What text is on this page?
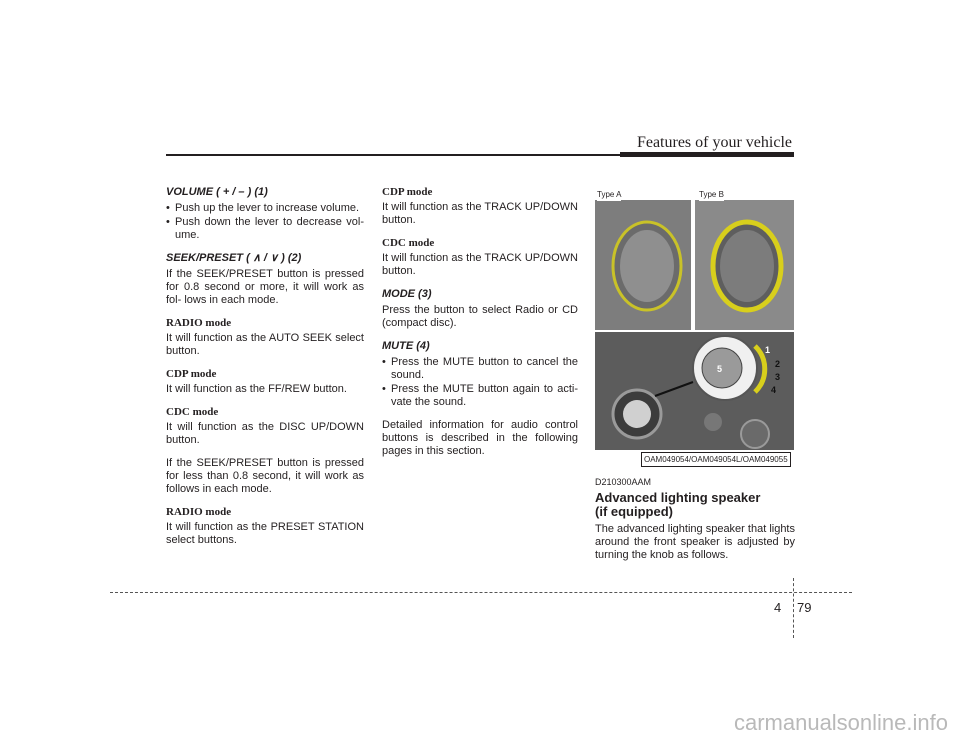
Features of your vehicle
VOLUME ( + / – ) (1)
• Push up the lever to increase volume.
• Push down the lever to decrease vol- ume.
SEEK/PRESET ( ∧ / ∨ ) (2)

If the SEEK/PRESET button is pressed for 0.8 second or more, it will work as fol- lows in each mode.

RADIO mode

It will function as the AUTO SEEK select button.

CDP mode

It will function as the FF/REW button.

CDC mode

It will function as the DISC UP/DOWN button.

If the SEEK/PRESET button is pressed for less than 0.8 second, it will work as follows in each mode.

RADIO mode

It will function as the PRESET STATION select buttons.

CDP mode

It will function as the TRACK UP/DOWN button.

CDC mode

It will function as the TRACK UP/DOWN button.

MODE (3)

Press the button to select Radio or CD (compact disc).

MUTE (4)
• Press the MUTE button to cancel the sound.
• Press the MUTE button again to acti- vate the sound.

Detailed information for audio control buttons is described in the following pages in this section.

Type A	Type B
1
2
3
4
5
OAM049054/OAM049054L/OAM049055
D210300AAM
Advanced lighting speaker
(if equipped)

The advanced lighting speaker that lights around the front speaker is adjusted by turning the knob as follows.

4 79
carmanualsonline.info
